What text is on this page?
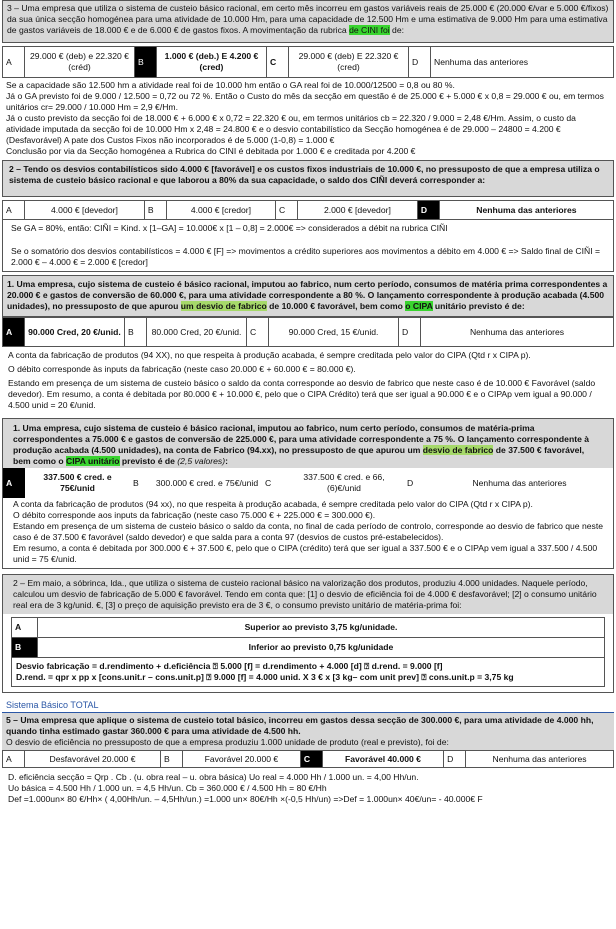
3 – Uma empresa que utiliza o sistema de custeio básico racional, em certo mês incorreu em gastos variáveis reais de 25.000 € (20.000 €/var e 5.000 €/fixos) da sua única secção homogénea para uma atividade de 10.000 Hm, para uma capacidade de 12.500 Hm e uma estimativa de 9.000 Hm para uma estimativa de gastos variáveis de 18.000 € e de 6.000 € de gastos fixos. A movimentação da rubrica de CINI foi de:
A	29.000 € (deb) e 22.320 € (créd)	B	1.000 € (deb.) E 4.200 € (cred)	C	29.000 € (deb) E 22.320 € (cred)	D	Nenhuma das anteriores

Se a capacidade são 12.500 hm a atividade real foi de 10.000 hm então o GA real foi de 10.000/12500 = 0,8 ou 80 %.

Já o GA previsto foi de 9.000 / 12.500 = 0,72 ou 72 %. Então o Custo do mês da secção em questão é de 25.000 € + 5.000 € x 0,8 = 29.000 € ou, em termos unitários cr= 29.000 / 10.000 Hm = 2,9 €/Hm.

Já o custo previsto da secção foi de 18.000 € + 6.000 € x 0,72 = 22.320 € ou, em termos unitários cb = 22.320 / 9.000 = 2,48 €/Hm. Assim, o custo da atividade imputada da secção foi de 10.000 Hm x 2,48 = 24.800 € e o desvio contabilístico da Secção homogénea é de 29.000 – 24800 = 4.200 € (Desfavorável) A pate dos Custos Fixos não incorporados é de 5.000 (1-0,8) = 1.000 €

Conclusão por via da Secção homogénea a Rubrica do CINI é debitada por 1.000 € e creditada por 4.200 €

2 – Tendo os desvios contabilísticos sido 4.000 € [favorável] e os custos fixos industriais de 10.000 €, no pressuposto de que a empresa utiliza o sistema de custeio básico racional e que laborou a 80% da sua capacidade, o saldo dos CIÑI deverá corresponder a:
A	4.000 € [devedor]	B	4.000 € [credor]	C	2.000 € [devedor]	D	Nenhuma das anteriores

Se GA = 80%, então: CIÑI = Kind. x [1–GA] = 10.000€ x [1 – 0,8] = 2.000€ => considerados a débit na rubrica CIÑI

Se o somatório dos desvios contabilísticos = 4.000 € [F] => movimentos a crédito superiores aos movimentos a débito em 4.000 € => Saldo final de CIÑI = 2.000 € – 4.000 € = 2.000 € [credor]

1. Uma empresa, cujo sistema de custeio é básico racional, imputou ao fabrico, num certo período, consumos de matéria prima correspondentes a 20.000 € e gastos de conversão de 60.000 €, para uma atividade correspondente a 80 %. O lançamento correspondente à produção acabada (4.500 unidades), no pressuposto de que apurou um desvio de fabrico de 10.000 € favorável, bem como o CIPA unitário previsto é de:
A	90.000 Cred, 20 €/unid.	B	80.000 Cred, 20 €/unid.	C	90.000 Cred, 15 €/unid.	D	Nenhuma das anteriores

A conta da fabricação de produtos (94 XX), no que respeita à produção acabada, é sempre creditada pelo valor do CIPA (Qtd r x CIPA p).

O débito corresponde às inputs da fabricação (neste caso 20.000 € + 60.000 € = 80.000 €).

Estando em presença de um sistema de custeio básico o saldo da conta corresponde ao desvio de fabrico que neste caso é de 10.000 € Favorável (saldo devedor). Em resumo, a conta é debitada por 80.000 € + 10.000 €, pelo que o CIPA Crédito) terá que ser igual a 90.000 € e o CIPAp vem igual a 90.000 / 4.500 unid = 20 €/unid.

1. Uma empresa, cujo sistema de custeio é básico racional, imputou ao fabrico, num certo período, consumos de matéria-prima correspondentes a 75.000 € e gastos de conversão de 225.000 €, para uma atividade correspondente a 75 %. O lançamento correspondente à produção acabada (4.500 unidades), na conta de Fabrico (94.xx), no pressuposto de que apurou um desvio de fabrico de 37.500 € favorável, bem como o CIPA unitário previsto é de (2,5 valores):
A	337.500 € cred. e 75€/unid	B	300.000 € cred. e 75€/unid	C	337.500 € cred. e 66,(6)€/unid	D	Nenhuma das anteriores

A conta da fabricação de produtos (94 xx), no que respeita à produção acabada, é sempre creditada pelo valor do CIPA (Qtd r x CIPA p).

O débito corresponde aos inputs da fabricação (neste caso 75.000 € + 225.000 € = 300.000 €).

Estando em presença de um sistema de custeio básico o saldo da conta, no final de cada período de controlo, corresponde ao desvio de fabrico que neste caso é de 37.500 € favorável (saldo devedor) e que salda para a conta 97 (desvios de custos pré-estabelecidos).

Em resumo, a conta é debitada por 300.000 € + 37.500 €, pelo que o CIPA (crédito) terá que ser igual a 337.500 € e o CIPAp vem igual a 337.500 / 4.500 unid = 75 €/unid.

2 – Em maio, a sóbrinca, lda., que utiliza o sistema de custeio racional básico na valorização dos produtos, produziu 4.000 unidades. Naquele período, calculou um desvio de fabricação de 5.000 € favorável. Tendo em conta que: [1] o desvio de eficiência foi de 4.000 € desfavorável; [2] o consumo unitário real era de 3 kg/unid. €, [3] o preço de aquisição previsto era de 3 €, o consumo previsto unitário de matéria-prima foi:
A	Superior ao previsto 3,75 kg/unidade.
B	Inferior ao previsto 0,75 kg/unidade

Desvio fabricação = d.rendimento + d.eficiência ⍰ 5.000 [f] = d.rendimento + 4.000 [d] ⍰ d.rend. = 9.000 [f]

D.rend. = qpr x pp x [cons.unit.r – cons.unit.p] ⍰ 9.000 [f] = 4.000 unid. X 3 € x [3 kg– com unit prev] ⍰ cons.unit.p = 3,75 kg	

Sistema Básico TOTAL

5 – Uma empresa que aplique o sistema de custeio total básico, incorreu em gastos dessa secção de 300.000 €, para uma atividade de 4.000 hh, quando tinha estimado gastar 360.000 € para uma atividade de 4.500 hh.

O desvio de eficiência no pressuposto de que a empresa produziu 1.000 unidade de produto (real e previsto), foi de:

A	Desfavorável 20.000 €	B	Favorável 20.000 €	C	Favorável 40.000 €	D	Nenhuma das anteriores

D. eficiência secção = Qrp . Cb . (u. obra real – u. obra básica) Uo real = 4.000 Hh / 1.000 un. = 4,00 Hh/un.

Uo básica = 4.500 Hh / 1.000 un. = 4,5 Hh/un. Cb = 360.000 € / 4.500 Hh = 80 €/Hh

Def =1.000un× 80 €/Hh× ( 4,00Hh/un. – 4,5Hh/un.) =1.000 un× 80€/Hh ×(-0,5 Hh/un) =>Def = 1.000un× 40€/un= - 40.000€ F
